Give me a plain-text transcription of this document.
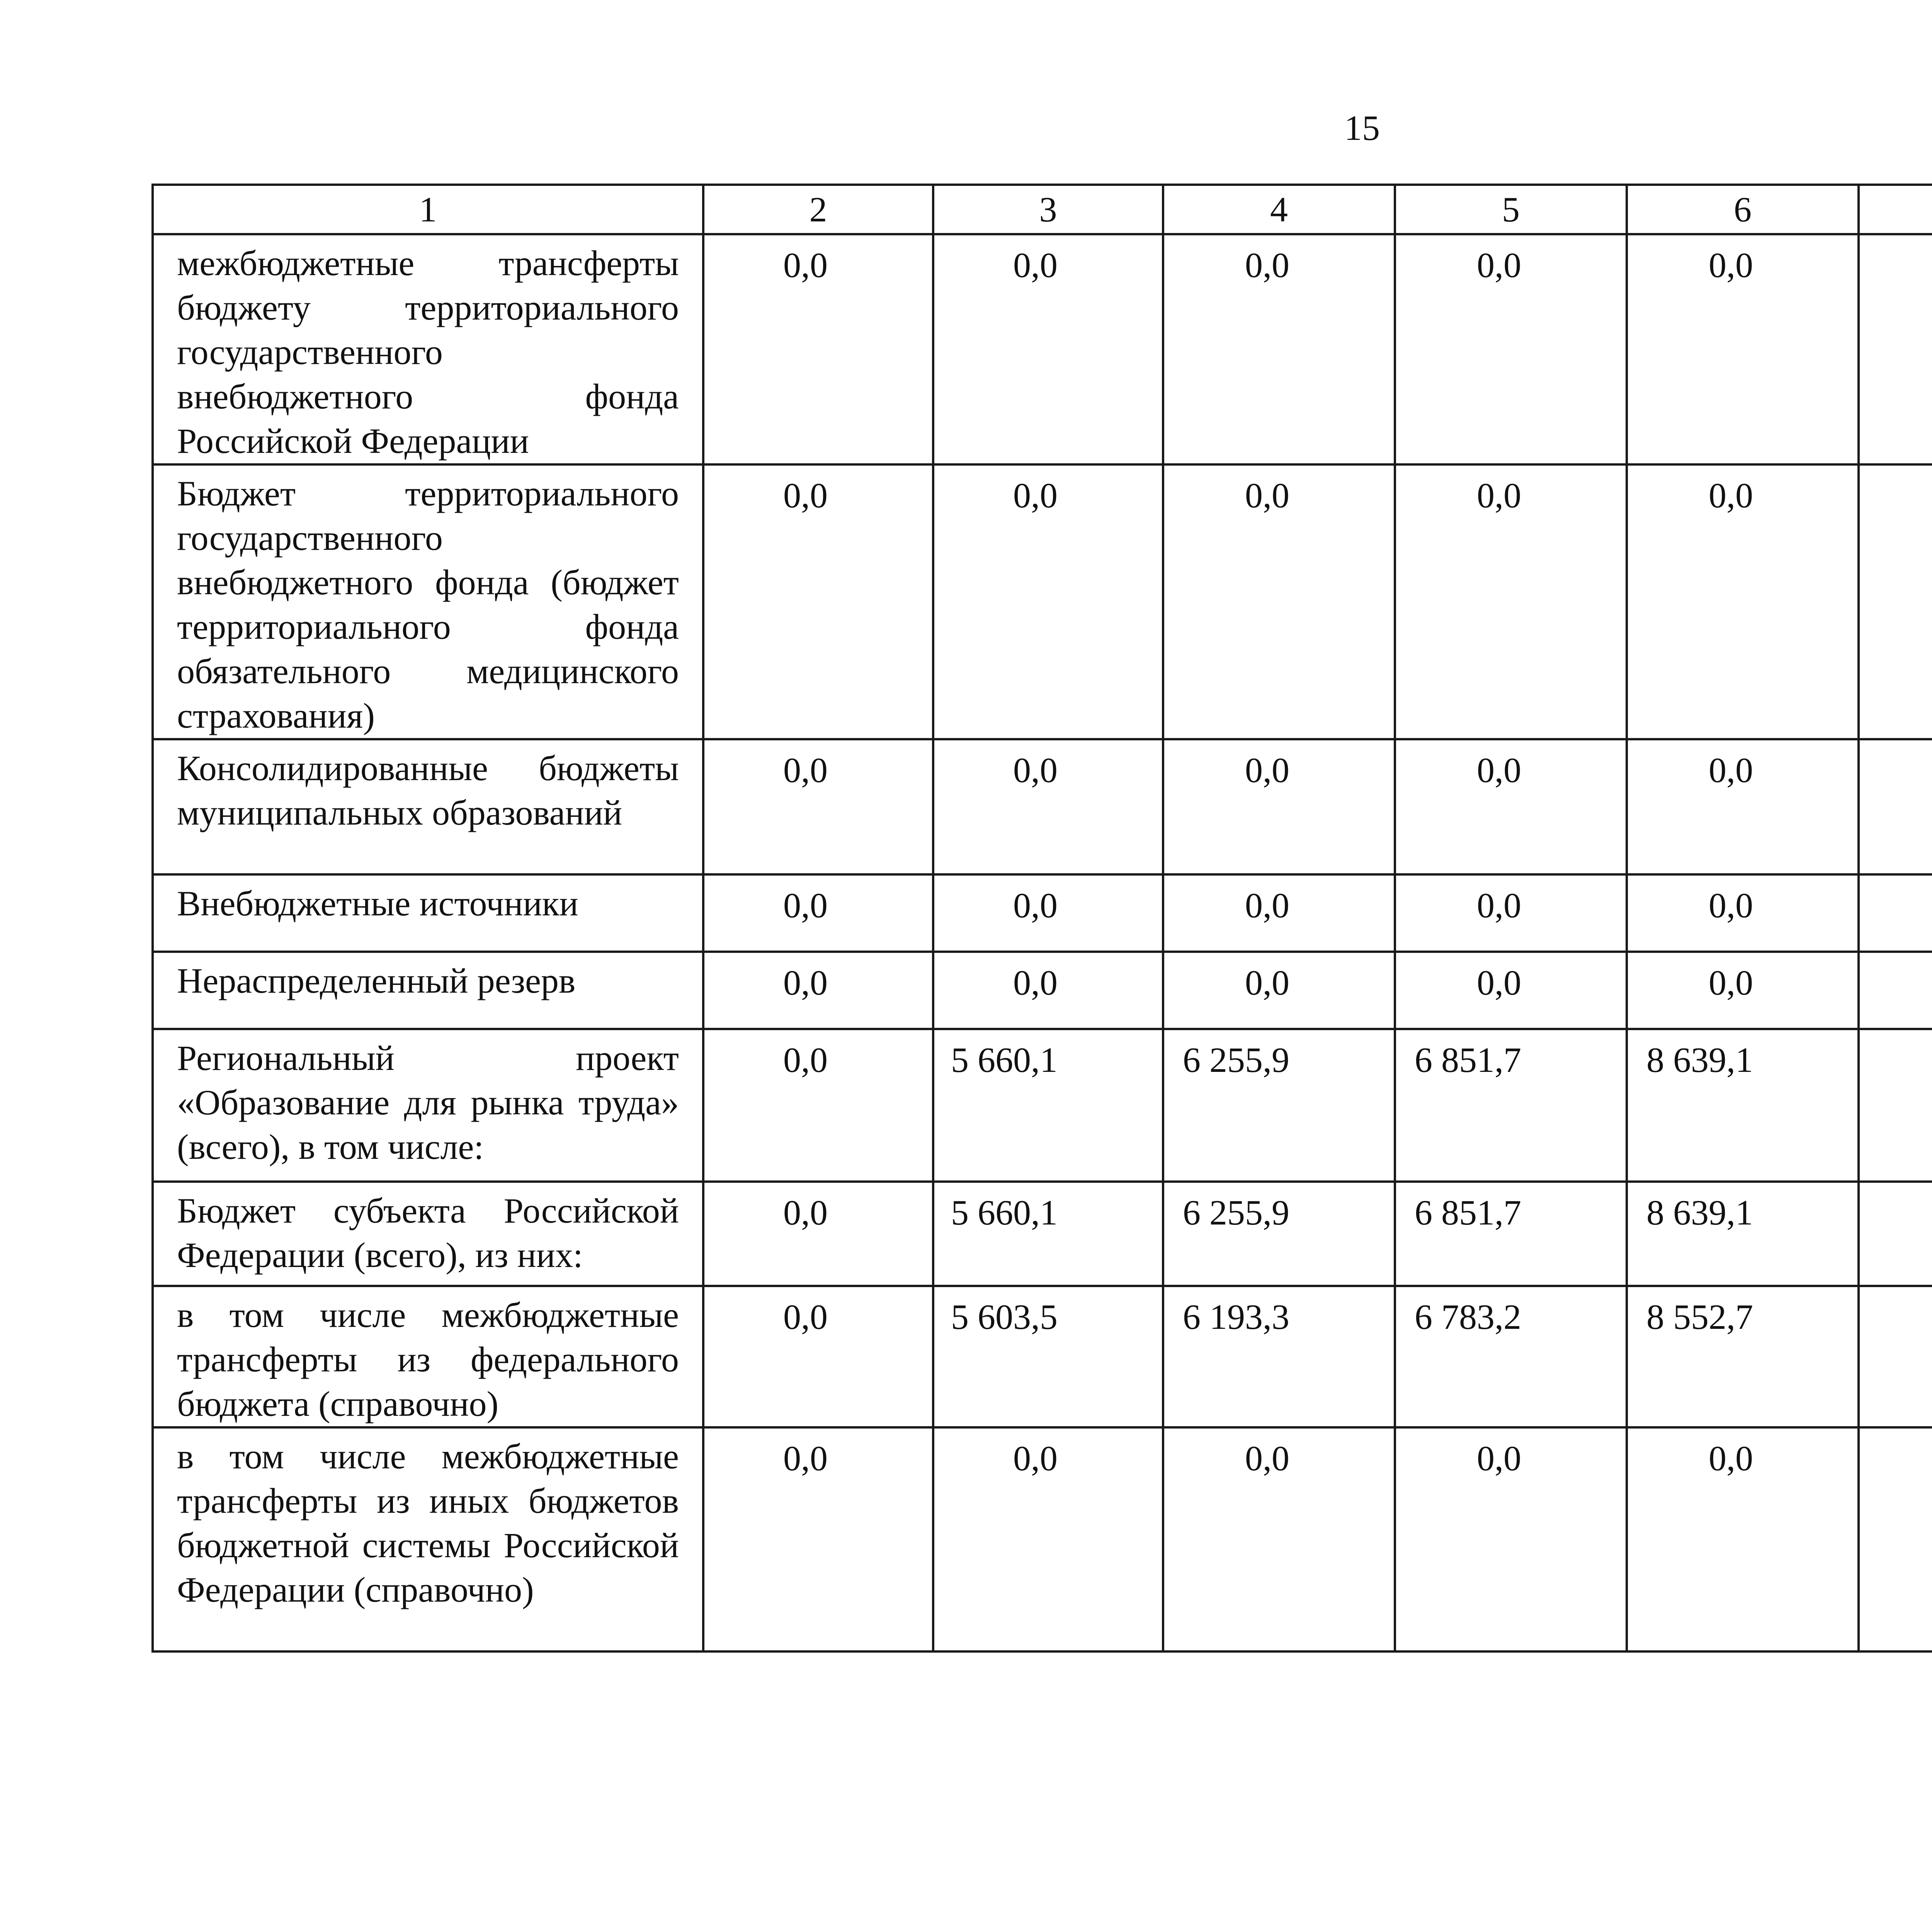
15
1	2	3	4	5	6			
межбюджетные трансферты бюджету территориального государственного внебюджетного фонда Российской Федерации	0,0	0,0	0,0	0,0	0,0			
Бюджет территориального государственного внебюджетного фонда (бюджет территориального фонда обязательного медицинского страхования)	0,0	0,0	0,0	0,0	0,0			
Консолидированные бюджеты муниципальных образований	0,0	0,0	0,0	0,0	0,0			
Внебюджетные источники	0,0	0,0	0,0	0,0	0,0			
Нераспределенный резерв	0,0	0,0	0,0	0,0	0,0			
Региональный проект «Образование для рынка труда» (всего), в том числе:	0,0	5 660,1	6 255,9	6 851,7	8 639,1			
Бюджет субъекта Российской Федерации (всего), из них:	0,0	5 660,1	6 255,9	6 851,7	8 639,1			
в том числе межбюджетные трансферты из федерального бюджета (справочно)	0,0	5 603,5	6 193,3	6 783,2	8 552,7			
в том числе межбюджетные трансферты из иных бюджетов бюджетной системы Российской Федерации (справочно)	0,0	0,0	0,0	0,0	0,0			
